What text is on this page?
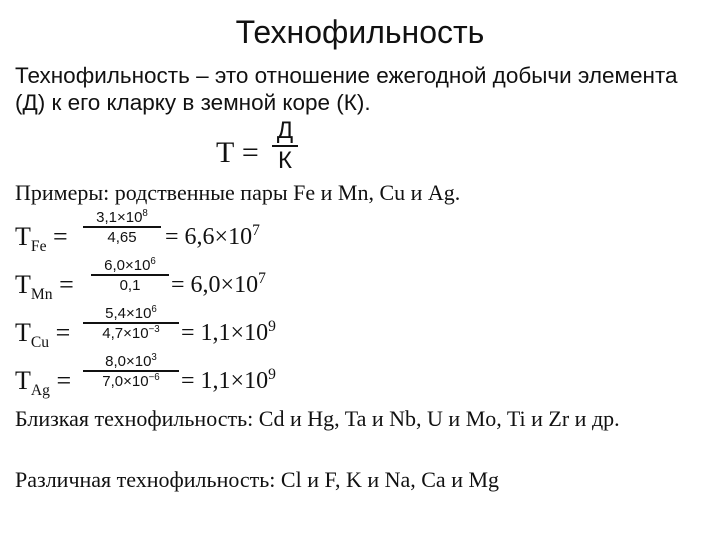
Технофильность
Технофильность – это отношение ежегодной добычи элемента (Д) к его кларку в земной коре (К).
Т =
Д
К
Примеры: родственные пары Fe и Mn, Cu и Ag.
$Т_{Fe}$ =
$3,1\times 10^8$
$4,65 = 6,6\times 10^7$
$Т_{Mn}$ =
$6,0\times 10^6$
$0,1 = 6,0\times 10^7$
$Т_{Cu}$ =
$5,4\times 10^6$
$4,7\times 10^{-3} = 1,1\times 10^9$
$Т_{Ag}$ =
$8,0\times 10^3$
$7,0\times 10^{-6} = 1,1\times 10^9$
Близкая технофильность: Cd и Hg, Ta и Nb, U и Mo, Ti и Zr и др.
Различная технофильность: Cl и F, K и Na, Ca и Mg
